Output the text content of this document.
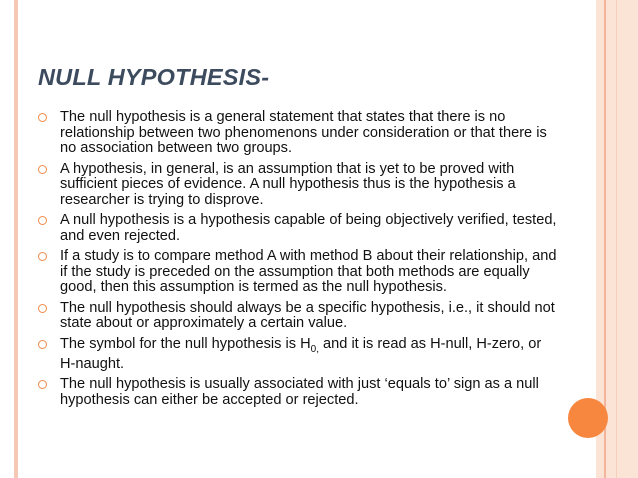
NULL HYPOTHESIS-
The null hypothesis is a general statement that states that there is no relationship between two phenomenons under consideration or that there is no association between two groups.
A hypothesis, in general, is an assumption that is yet to be proved with sufficient pieces of evidence. A null hypothesis thus is the hypothesis a researcher is trying to disprove.
A null hypothesis is a hypothesis capable of being objectively verified, tested, and even rejected.
If a study is to compare method A with method B about their relationship, and if the study is preceded on the assumption that both methods are equally good, then this assumption is termed as the null hypothesis.
The null hypothesis should always be a specific hypothesis, i.e., it should not state about or approximately a certain value.
The symbol for the null hypothesis is $H_{0,}$ and it is read as H-null, H-zero, or H-naught.
The null hypothesis is usually associated with just ‘equals to’ sign as a null hypothesis can either be accepted or rejected.
